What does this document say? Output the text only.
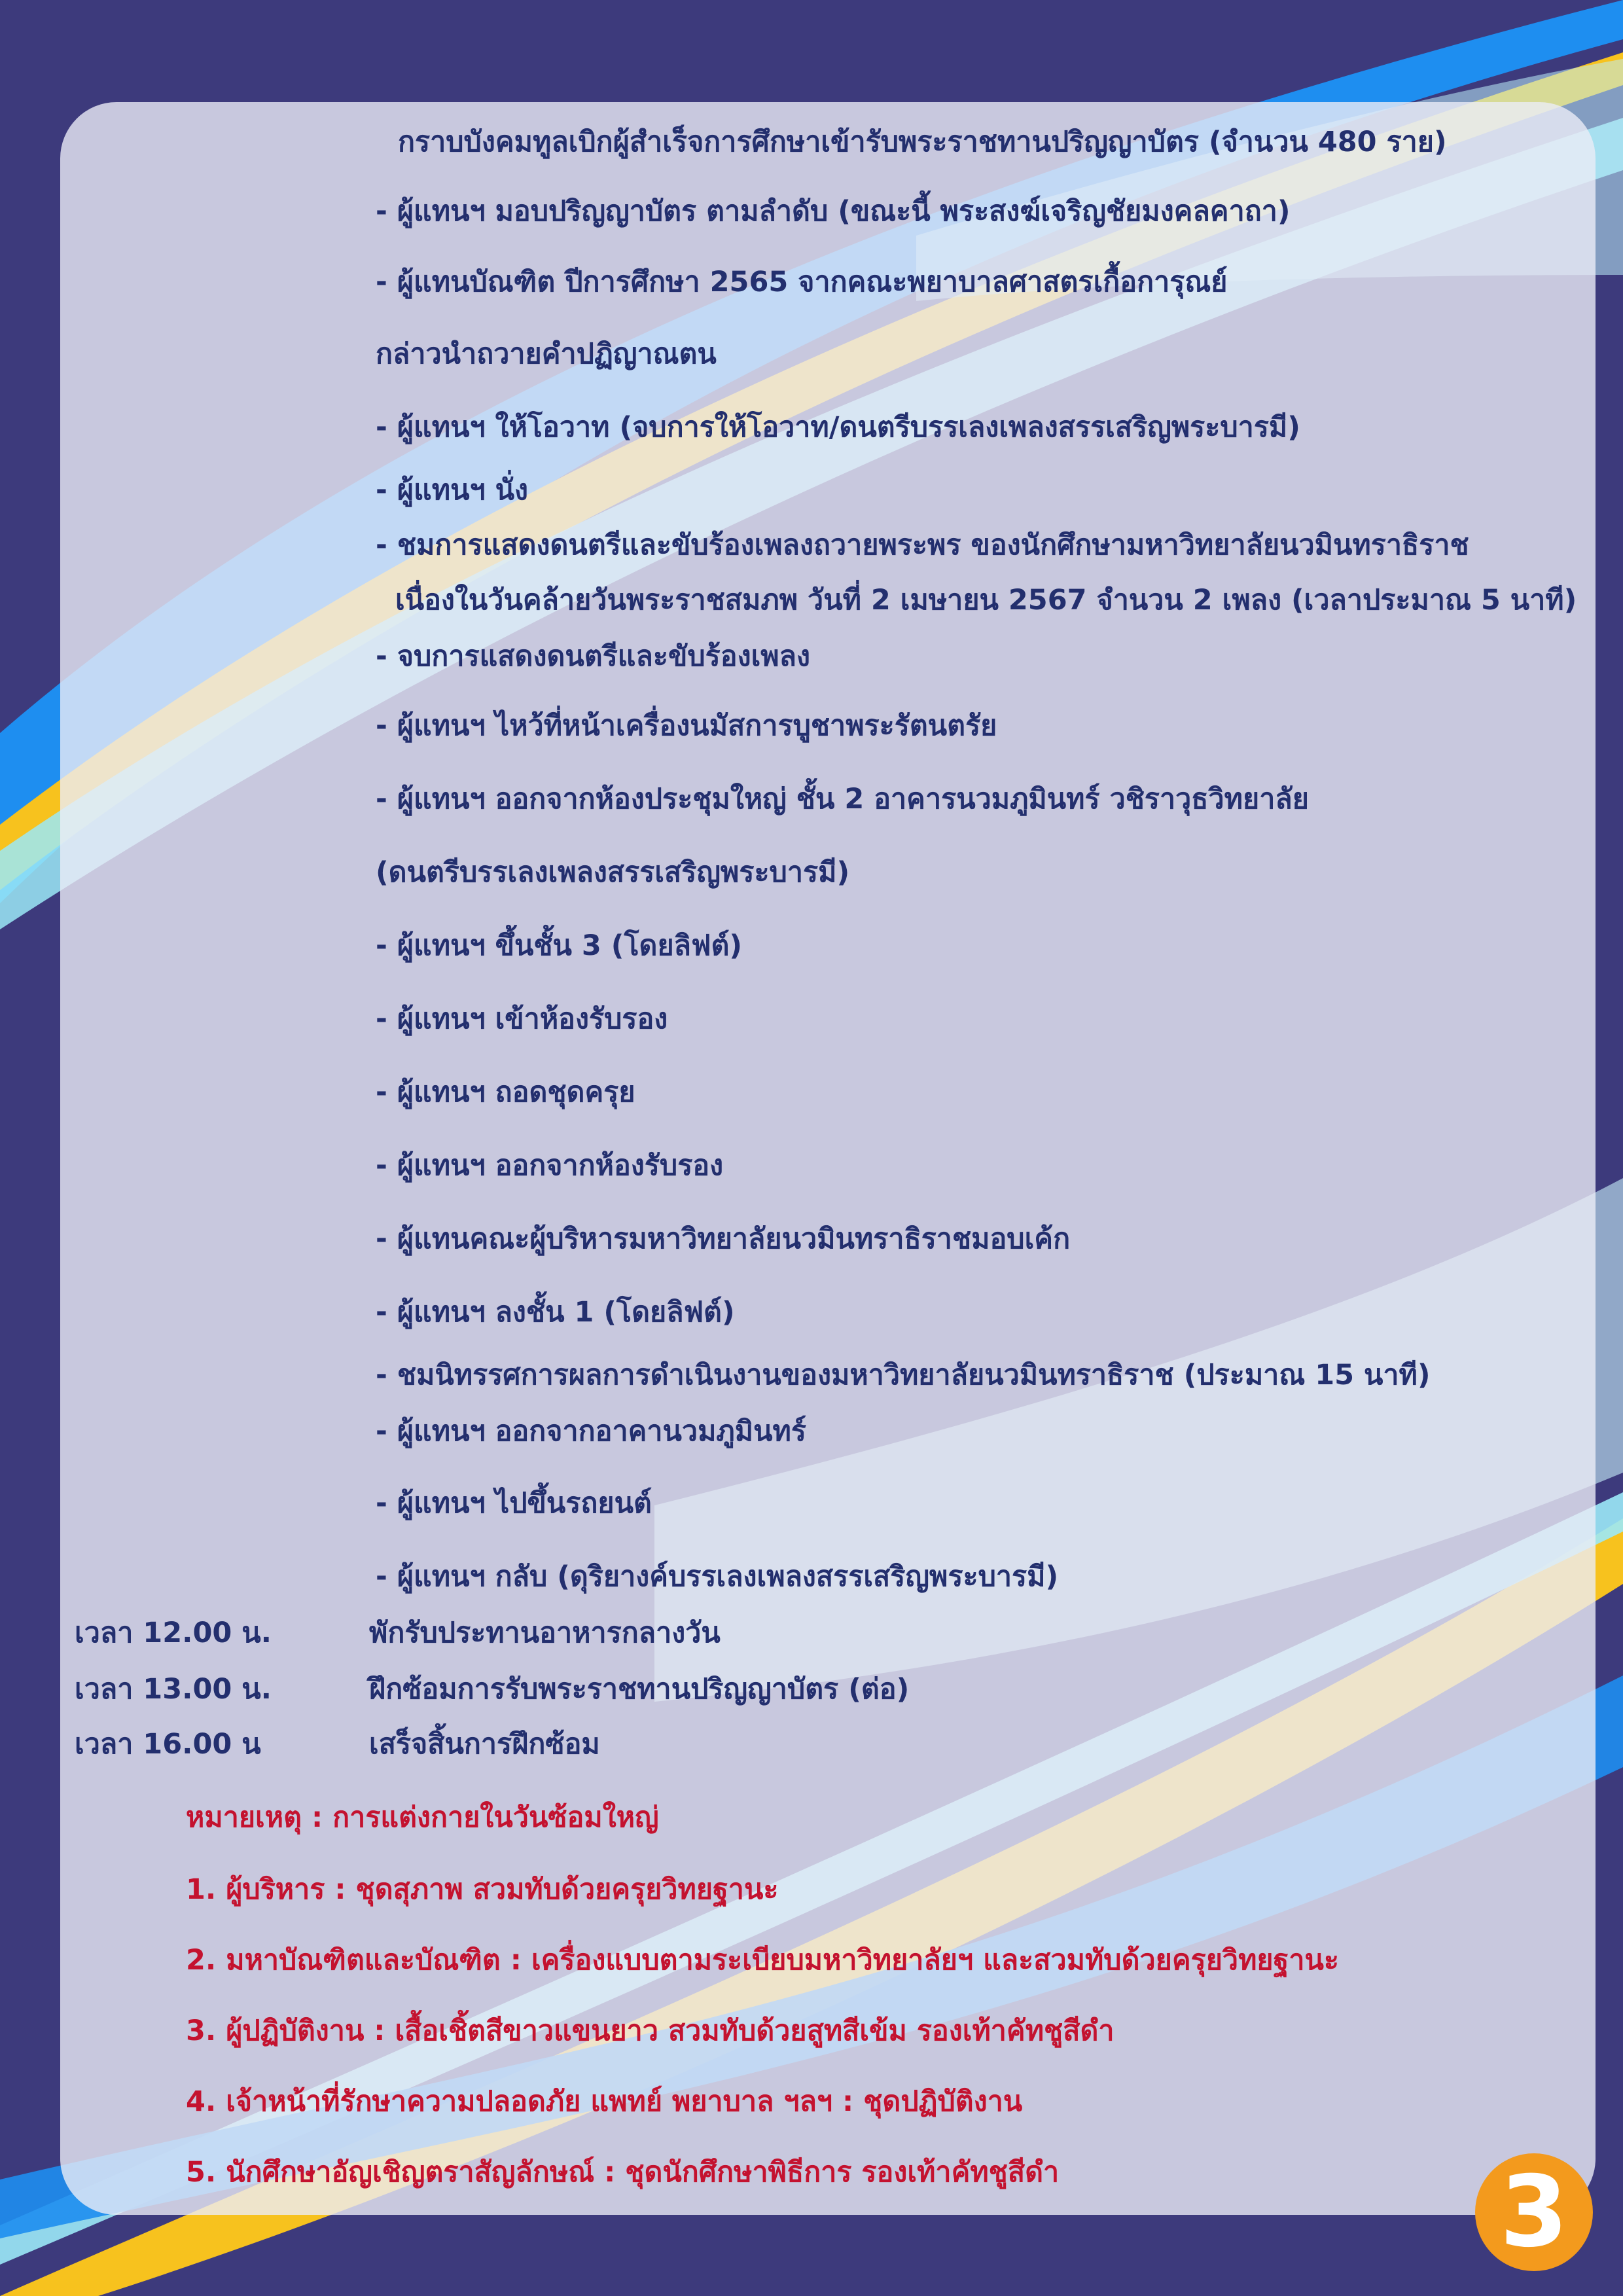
กราบบังคมทูลเบิกผู้สำเร็จการศึกษาเข้ารับพระราชทานปริญญาบัตร (จำนวน 480 ราย)
- ผู้แทนฯ มอบปริญญาบัตร ตามลำดับ (ขณะนี้ พระสงฆ์เจริญชัยมงคลคาถา)
- ผู้แทนบัณฑิต ปีการศึกษา 2565 จากคณะพยาบาลศาสตรเกื้อการุณย์
กล่าวนำถวายคำปฏิญาณตน
- ผู้แทนฯ ให้โอวาท (จบการให้โอวาท/ดนตรีบรรเลงเพลงสรรเสริญพระบารมี)
- ผู้แทนฯ นั่ง
- ชมการแสดงดนตรีและขับร้องเพลงถวายพระพร ของนักศึกษามหาวิทยาลัยนวมินทราธิราช
เนื่องในวันคล้ายวันพระราชสมภพ วันที่ 2 เมษายน 2567 จำนวน 2 เพลง (เวลาประมาณ 5 นาที)
- จบการแสดงดนตรีและขับร้องเพลง
- ผู้แทนฯ ไหว้ที่หน้าเครื่องนมัสการบูชาพระรัตนตรัย
- ผู้แทนฯ ออกจากห้องประชุมใหญ่ ชั้น 2 อาคารนวมภูมินทร์ วชิราวุธวิทยาลัย
(ดนตรีบรรเลงเพลงสรรเสริญพระบารมี)
- ผู้แทนฯ ขึ้นชั้น 3 (โดยลิฟต์)
- ผู้แทนฯ เข้าห้องรับรอง
- ผู้แทนฯ ถอดชุดครุย
- ผู้แทนฯ ออกจากห้องรับรอง
- ผู้แทนคณะผู้บริหารมหาวิทยาลัยนวมินทราธิราชมอบเค้ก
- ผู้แทนฯ ลงชั้น 1 (โดยลิฟต์)
- ชมนิทรรศการผลการดำเนินงานของมหาวิทยาลัยนวมินทราธิราช (ประมาณ 15 นาที)
- ผู้แทนฯ ออกจากอาคานวมภูมินทร์
- ผู้แทนฯ ไปขึ้นรถยนต์
- ผู้แทนฯ กลับ (ดุริยางค์บรรเลงเพลงสรรเสริญพระบารมี)
เวลา 12.00 น.	พักรับประทานอาหารกลางวัน
เวลา 13.00 น.	ฝึกซ้อมการรับพระราชทานปริญญาบัตร (ต่อ)
เวลา 16.00 น	เสร็จสิ้นการฝึกซ้อม
หมายเหตุ : การแต่งกายในวันซ้อมใหญ่
1. ผู้บริหาร : ชุดสุภาพ สวมทับด้วยครุยวิทยฐานะ
2. มหาบัณฑิตและบัณฑิต : เครื่องแบบตามระเบียบมหาวิทยาลัยฯ และสวมทับด้วยครุยวิทยฐานะ
3. ผู้ปฏิบัติงาน : เสื้อเชิ้ตสีขาวแขนยาว สวมทับด้วยสูทสีเข้ม รองเท้าคัทชูสีดำ
4. เจ้าหน้าที่รักษาความปลอดภัย แพทย์ พยาบาล ฯลฯ : ชุดปฏิบัติงาน
5. นักศึกษาอัญเชิญตราสัญลักษณ์ : ชุดนักศึกษาพิธีการ รองเท้าคัทชูสีดำ	3
